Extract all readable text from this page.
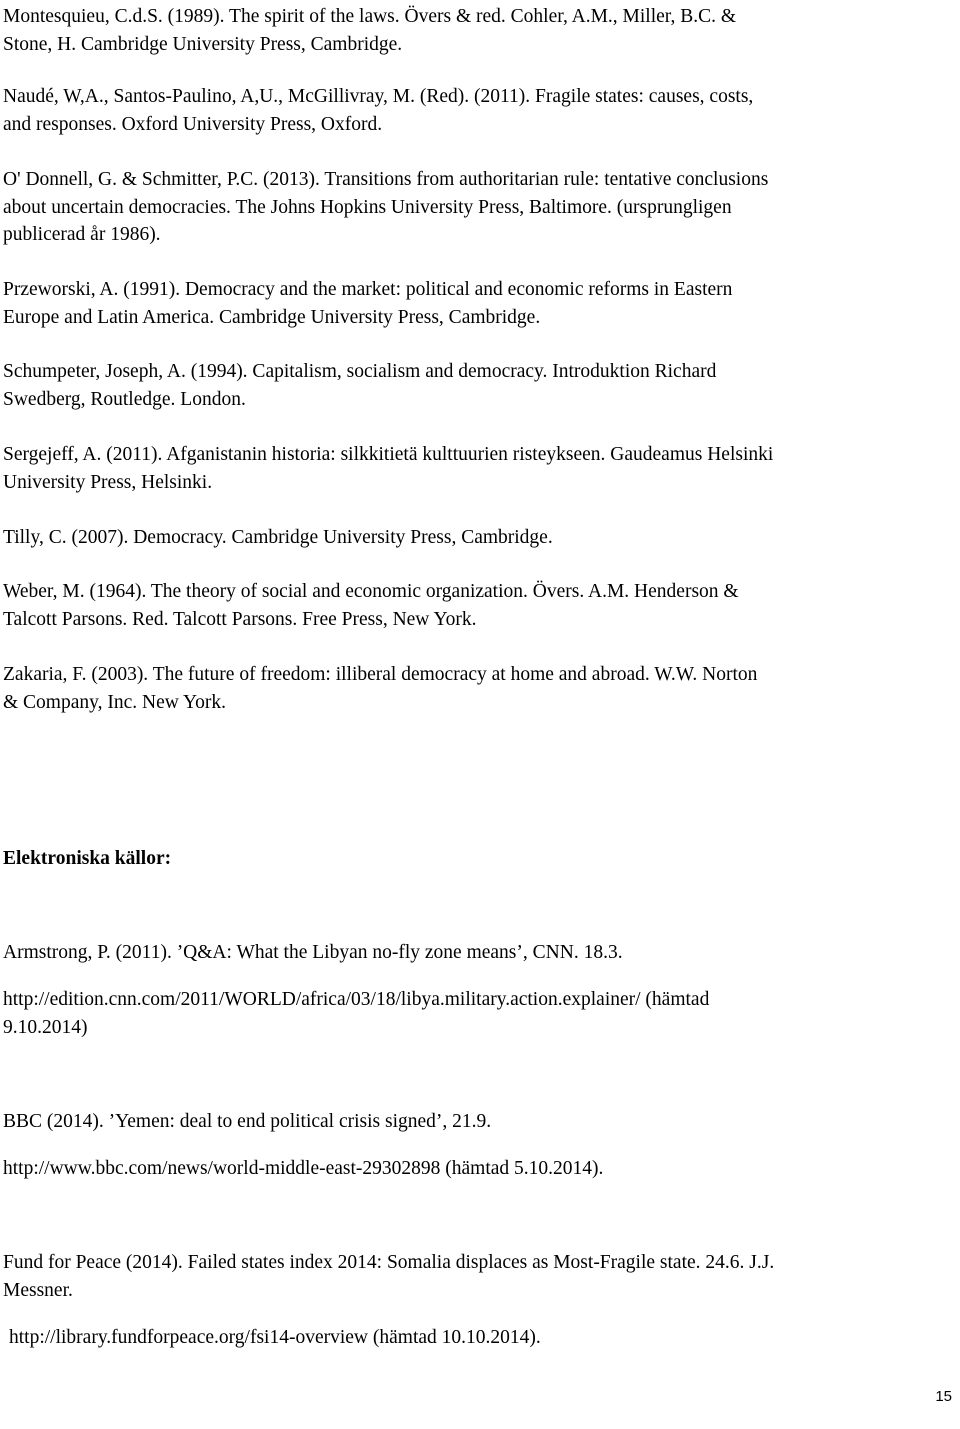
Montesquieu, C.d.S. (1989). The spirit of the laws. Övers & red. Cohler, A.M., Miller, B.C. &
Stone, H. Cambridge University Press, Cambridge.

Naudé, W,A., Santos-Paulino, A,U., McGillivray, M. (Red). (2011). Fragile states: causes, costs,
and responses. Oxford University Press, Oxford.

O' Donnell, G. & Schmitter, P.C. (2013). Transitions from authoritarian rule: tentative conclusions
about uncertain democracies. The Johns Hopkins University Press, Baltimore. (ursprungligen
publicerad år 1986).

Przeworski, A. (1991). Democracy and the market: political and economic reforms in Eastern
Europe and Latin America. Cambridge University Press, Cambridge.

Schumpeter, Joseph, A. (1994). Capitalism, socialism and democracy. Introduktion Richard
Swedberg, Routledge. London.

Sergejeff, A. (2011). Afganistanin historia: silkkitietä kulttuurien risteykseen. Gaudeamus Helsinki
University Press, Helsinki.

Tilly, C. (2007). Democracy. Cambridge University Press, Cambridge.

Weber, M. (1964). The theory of social and economic organization. Övers. A.M. Henderson &
Talcott Parsons. Red. Talcott Parsons. Free Press, New York.

Zakaria, F. (2003). The future of freedom: illiberal democracy at home and abroad. W.W. Norton
& Company, Inc. New York.

Elektroniska källor:

Armstrong, P. (2011). ’Q&A: What the Libyan no-fly zone means’, CNN. 18.3.

http://edition.cnn.com/2011/WORLD/africa/03/18/libya.military.action.explainer/ (hämtad
9.10.2014)

BBC (2014). ’Yemen: deal to end political crisis signed’, 21.9.

http://www.bbc.com/news/world-middle-east-29302898 (hämtad 5.10.2014).

Fund for Peace (2014). Failed states index 2014: Somalia displaces as Most-Fragile state. 24.6. J.J.
Messner.

http://library.fundforpeace.org/fsi14-overview (hämtad 10.10.2014).

15
